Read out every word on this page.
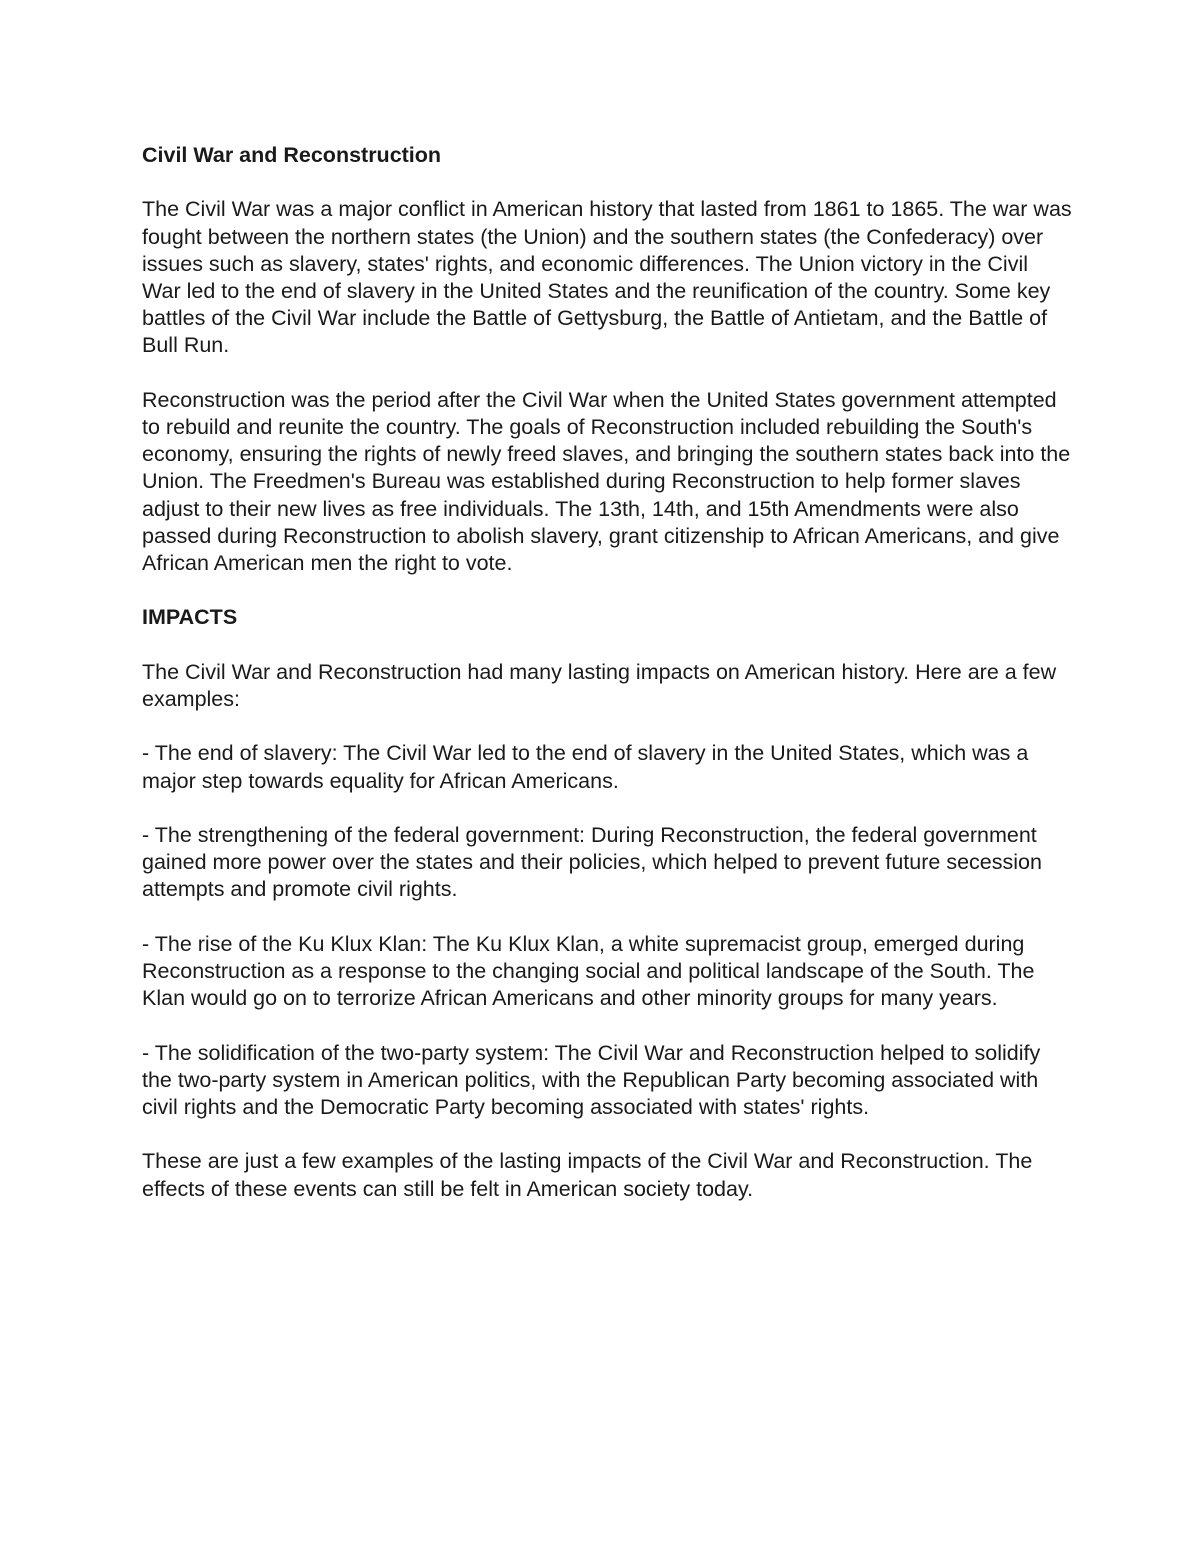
Civil War and Reconstruction

The Civil War was a major conflict in American history that lasted from 1861 to 1865. The war was fought between the northern states (the Union) and the southern states (the Confederacy) over issues such as slavery, states' rights, and economic differences. The Union victory in the Civil War led to the end of slavery in the United States and the reunification of the country. Some key battles of the Civil War include the Battle of Gettysburg, the Battle of Antietam, and the Battle of Bull Run.

Reconstruction was the period after the Civil War when the United States government attempted to rebuild and reunite the country. The goals of Reconstruction included rebuilding the South's economy, ensuring the rights of newly freed slaves, and bringing the southern states back into the Union. The Freedmen's Bureau was established during Reconstruction to help former slaves adjust to their new lives as free individuals. The 13th, 14th, and 15th Amendments were also passed during Reconstruction to abolish slavery, grant citizenship to African Americans, and give African American men the right to vote.

IMPACTS

The Civil War and Reconstruction had many lasting impacts on American history. Here are a few examples:

- The end of slavery: The Civil War led to the end of slavery in the United States, which was a major step towards equality for African Americans.

- The strengthening of the federal government: During Reconstruction, the federal government gained more power over the states and their policies, which helped to prevent future secession attempts and promote civil rights.

- The rise of the Ku Klux Klan: The Ku Klux Klan, a white supremacist group, emerged during Reconstruction as a response to the changing social and political landscape of the South. The Klan would go on to terrorize African Americans and other minority groups for many years.

- The solidification of the two-party system: The Civil War and Reconstruction helped to solidify the two-party system in American politics, with the Republican Party becoming associated with civil rights and the Democratic Party becoming associated with states' rights.

These are just a few examples of the lasting impacts of the Civil War and Reconstruction. The effects of these events can still be felt in American society today.
